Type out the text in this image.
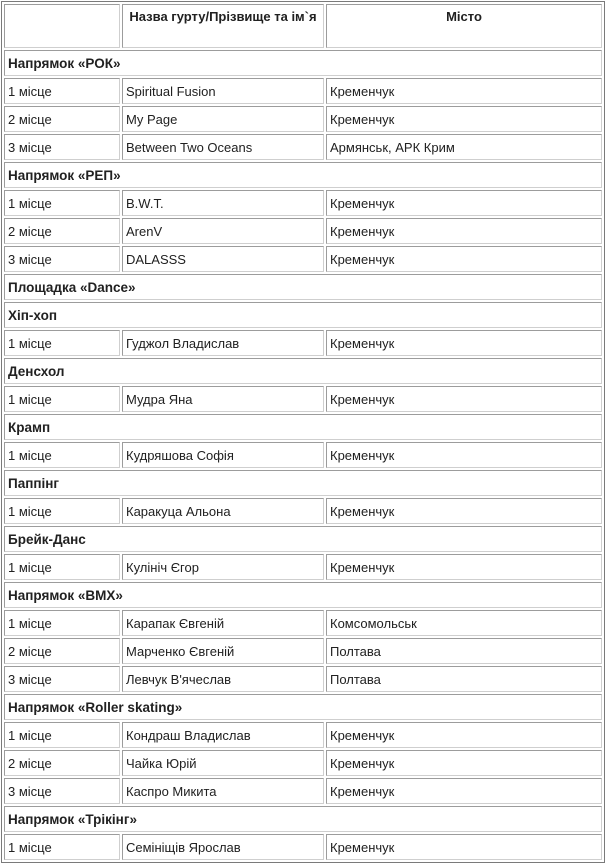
	Назва гурту/Прізвище та ім`я	Місто
Напрямок «РОК»		
1 місце	Spiritual Fusion	Кременчук
2 місце	My Page	Кременчук
3 місце	Between Two Oceans	Армянськ, АРК Крим
Напрямок «РЕП»		
1 місце	B.W.T.	Кременчук
2 місце	ArenV	Кременчук
3 місце	DALASSS	Кременчук
Площадка «Dance»		
Хіп-хоп		
1 місце	Гуджол Владислав	Кременчук
Денсхол		
1 місце	Мудра Яна	Кременчук
Крамп		
1 місце	Кудряшова Софія	Кременчук
Паппінг		
1 місце	Каракуца Альона	Кременчук
Брейк-Данс		
1 місце	Кулініч Єгор	Кременчук
Напрямок «ВМХ»		
1 місце	Карапак Євгеній	Комсомольськ
2 місце	Марченко Євгеній	Полтава
3 місце	Левчук В'ячеслав	Полтава
Напрямок «Roller skating»		
1 місце	Кондраш Владислав	Кременчук
2 місце	Чайка Юрій	Кременчук
3 місце	Каспро Микита	Кременчук
Напрямок «Трікінг»		
1 місце	Семініщів Ярослав	Кременчук
